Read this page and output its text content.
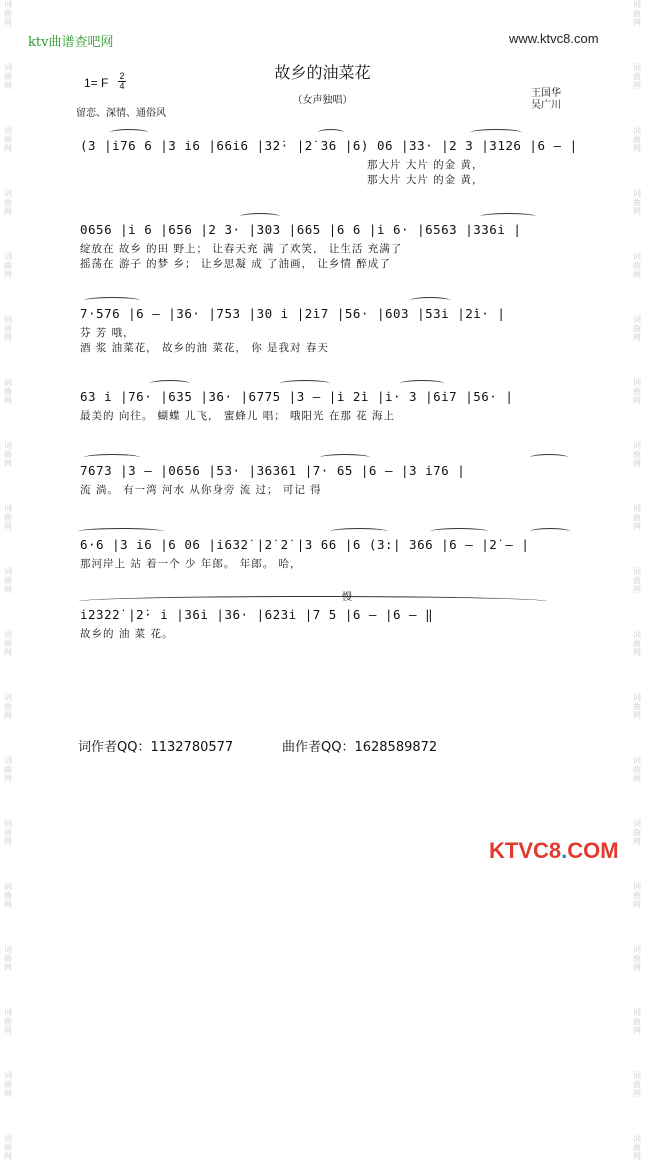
词
曲
网

词
曲
网

词
曲
网

词
曲
网

词
曲
网

词
曲
网

词
曲
网

词
曲
网

词
曲
网

词
曲
网

词
曲
网

词
曲
网

词
曲
网

词
曲
网

词
曲
网

词
曲
网

词
曲
网

词
曲
网

词
曲
网
词
曲
网

词
曲
网

词
曲
网

词
曲
网

词
曲
网

词
曲
网

词
曲
网

词
曲
网

词
曲
网

词
曲
网

词
曲
网

词
曲
网

词
曲
网

词
曲
网

词
曲
网

词
曲
网

词
曲
网

词
曲
网

词
曲
网
ktv曲谱查吧网	www.ktvc8.com
故乡的油菜花
（女声独唱）
1= F 2
4
留恋、深情、通俗风
王国华
吴广川
(3 |i̇76 6 |3 i̇6 |66i̇6 |3̇2̇· |2̇ 36 |6) 06 |33· |2 3 |3126 |6 — |
那大片 大片 的金 黄，
那大片 大片 的金 黄，
0656 |i̇ 6 |656 |2 3· |303 |665 |6 6 |i̇ 6· |6563 |336i̇ |
绽放在 故乡 的田 野上； 让春天充 满 了欢笑， 让生活 充满了
摇荡在 游子 的梦 乡； 让乡思凝 成 了油画， 让乡情 醉成了
7·576 |6 — |36· |753 |30 i̇ |2̇i̇7 |56· |603 |53i̇ |2̇i̇· |
芬 芳 哦，
酒 浆 油菜花， 故乡的油 菜花， 你 是我对 春天
63 i̇ |76· |635 |36· |6775 |3 — |i̇ 2̇i̇ |i̇· 3 |6i̇7 |56· |
最美的 向往。 蝴蝶 儿飞， 蜜蜂儿 唱； 哦阳光 在那 花 海上
7673 |3 — |0656 |53· |36361 |7· 65 |6 — |3 i̇76 |
流 淌。 有一湾 河水 从你身旁 流 过； 可记 得
6·6 |3 i̇6 |6 06 |i̇632̇ |2̇ 2̇ |3 66 |6 (3:| 366 |6 — |2̇ — |
那河岸上 站 着一个 少 年郎。 年郎。 哈，
慢
i̇2̇3̇2̇2̇ |2̇· i̇ |36i̇ |36· |623i̇ |7 5 |6 — |6 — ‖
故乡的 油 菜 花。
词作者QQ：1132780577	曲作者QQ：1628589872
KTVC8.COM
